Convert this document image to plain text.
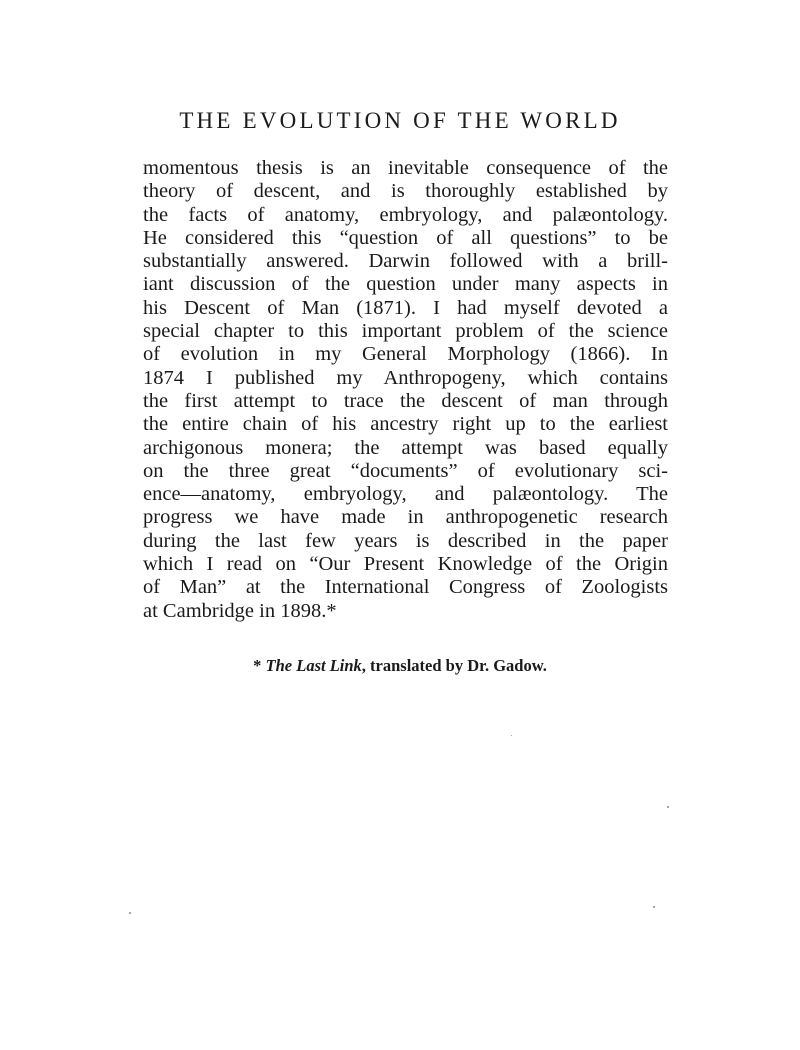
THE EVOLUTION OF THE WORLD
momentous thesis is an inevitable consequence of the
theory of descent, and is thoroughly established by
the facts of anatomy, embryology, and palæontology.
He considered this “question of all questions” to be
substantially answered. Darwin followed with a brill-
iant discussion of the question under many aspects in
his Descent of Man (1871). I had myself devoted a
special chapter to this important problem of the science
of evolution in my General Morphology (1866). In
1874 I published my Anthropogeny, which contains
the first attempt to trace the descent of man through
the entire chain of his ancestry right up to the earliest
archigonous monera; the attempt was based equally
on the three great “documents” of evolutionary sci-
ence—anatomy, embryology, and palæontology. The
progress we have made in anthropogenetic research
during the last few years is described in the paper
which I read on “Our Present Knowledge of the Origin
of Man” at the International Congress of Zoologists
at Cambridge in 1898.*
* The Last Link, translated by Dr. Gadow.
